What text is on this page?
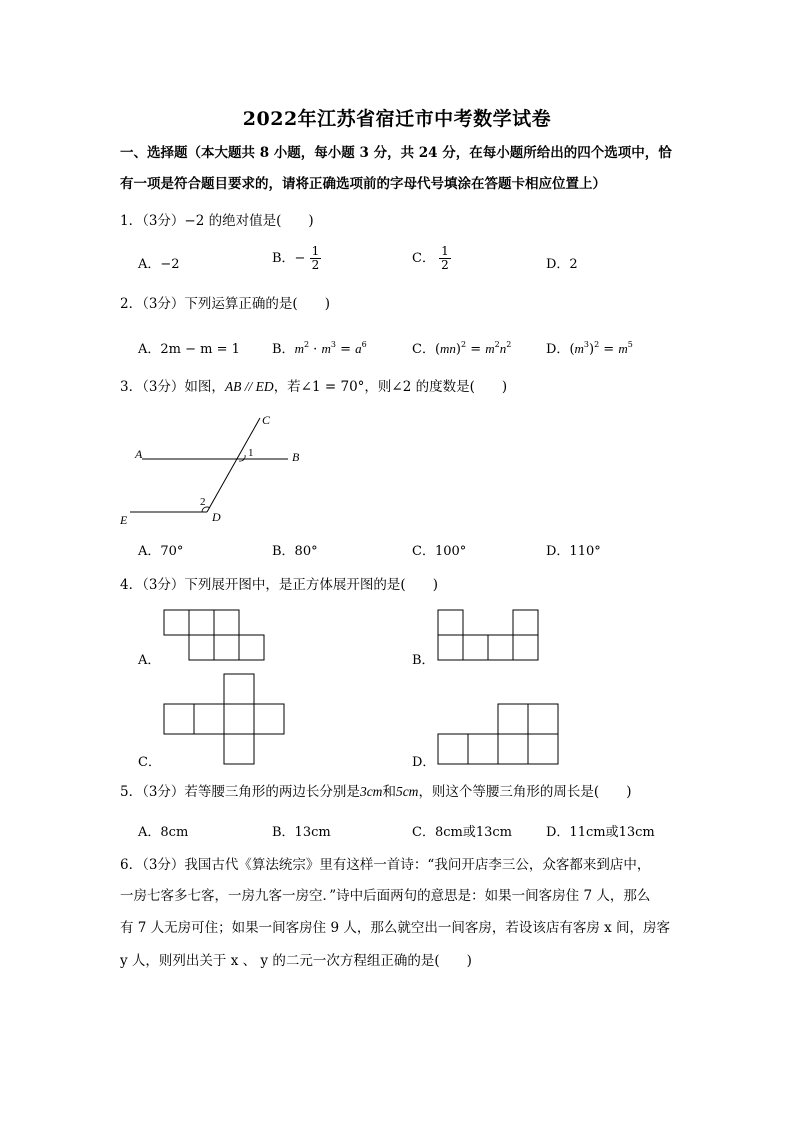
2022年江苏省宿迁市中考数学试卷
一、选择题（本大题共 8 小题，每小题 3 分，共 24 分，在每小题所给出的四个选项中，恰
有一项是符合题目要求的，请将正确选项前的字母代号填涂在答题卡相应位置上）
1．（3分）−2 的绝对值是(　　)
A．−2	B．− $\frac{1}{2}$	C． $\frac{1}{2}$	D．2
2．（3分）下列运算正确的是(　　)
A．2m − m = 1 B．$m^2 \cdot m^3 = a^6$	C．$(mn)^2 = m^2n^2$	D．$(m^3)^2 = m^5$
3．（3分）如图，AB // ED，若∠1 = 70°，则∠2 的度数是(　　)
A	B
C
D
E
1
2
A．70°	B．80°	C．100°	D．110°
4．（3分）下列展开图中，是正方体展开图的是(　　)
A．	B．
C．	D．
5．（3分）若等腰三角形的两边长分别是3cm和5cm，则这个等腰三角形的周长是(　　)
A．8cm	B．13cm	C．8cm或13cm	D．11cm或13cm
6．（3分）我国古代《算法统宗》里有这样一首诗：“我问开店李三公，众客都来到店中，
一房七客多七客，一房九客一房空．”诗中后面两句的意思是：如果一间客房住 7 人，那么
有 7 人无房可住；如果一间客房住 9 人，那么就空出一间客房，若设该店有客房 x 间，房客
y 人，则列出关于 x 、 y 的二元一次方程组正确的是(　　)
